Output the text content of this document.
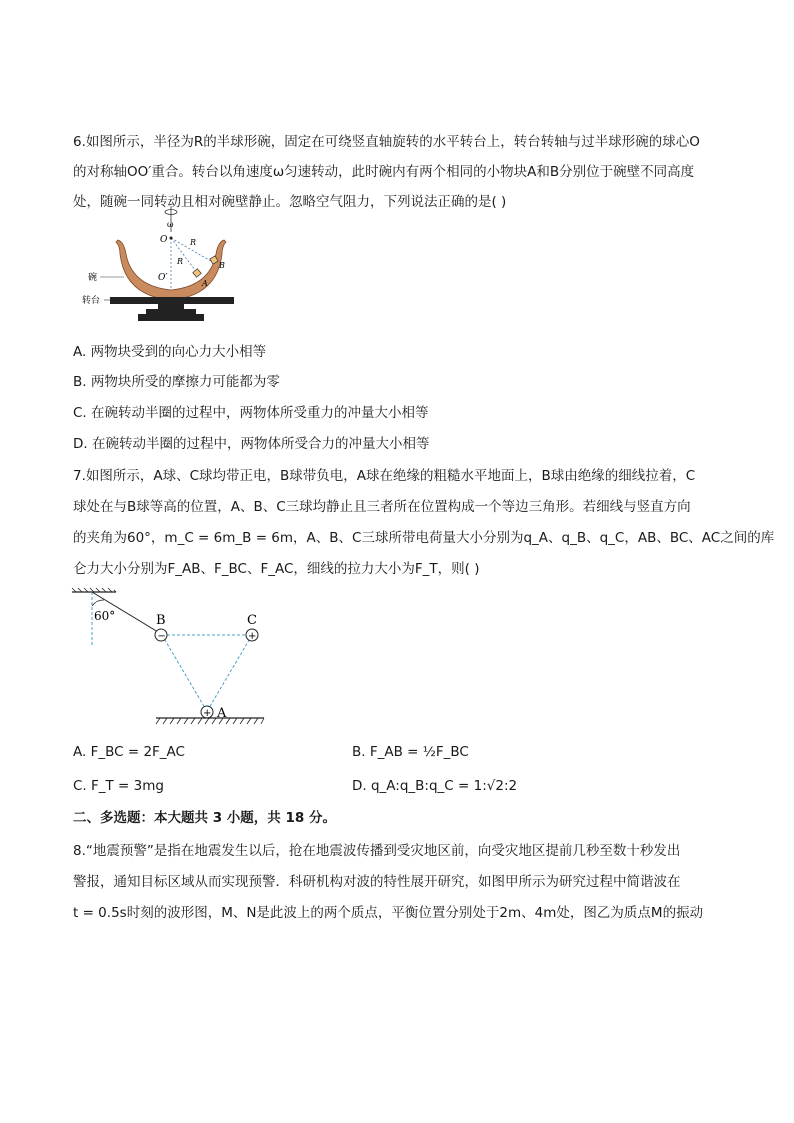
6.如图所示，半径为R的半球形碗，固定在可绕竖直轴旋转的水平转台上，转台转轴与过半球形碗的球心O
的对称轴OO′重合。转台以角速度ω匀速转动，此时碗内有两个相同的小物块A和B分别位于碗壁不同高度
处，随碗一同转动且相对碗壁静止。忽略空气阻力，下列说法正确的是( )
ω
O	R
R	B
A
O′
碗
转台
A. 两物块受到的向心力大小相等
B. 两物块所受的摩擦力可能都为零
C. 在碗转动半圈的过程中，两物体所受重力的冲量大小相等
D. 在碗转动半圈的过程中，两物体所受合力的冲量大小相等
7.如图所示，A球、C球均带正电，B球带负电，A球在绝缘的粗糙水平地面上，B球由绝缘的细线拉着，C
球处在与B球等高的位置，A、B、C三球均静止且三者所在位置构成一个等边三角形。若细线与竖直方向
的夹角为60°，m_C = 6m_B = 6m，A、B、C三球所带电荷量大小分别为q_A、q_B、q_C，AB、BC、AC之间的库
仑力大小分别为F_AB、F_BC、F_AC，细线的拉力大小为F_T，则( )
60°
−
B
+
C
+ A
A. F_BC = 2F_AC	B. F_AB = ½F_BC
C. F_T = 3mg	D. q_A:q_B:q_C = 1:√2:2
二、多选题：本大题共 3 小题，共 18 分。
8.“地震预警”是指在地震发生以后，抢在地震波传播到受灾地区前，向受灾地区提前几秒至数十秒发出
警报，通知目标区域从而实现预警．科研机构对波的特性展开研究，如图甲所示为研究过程中简谐波在
t = 0.5s时刻的波形图，M、N是此波上的两个质点，平衡位置分别处于2m、4m处，图乙为质点M的振动
